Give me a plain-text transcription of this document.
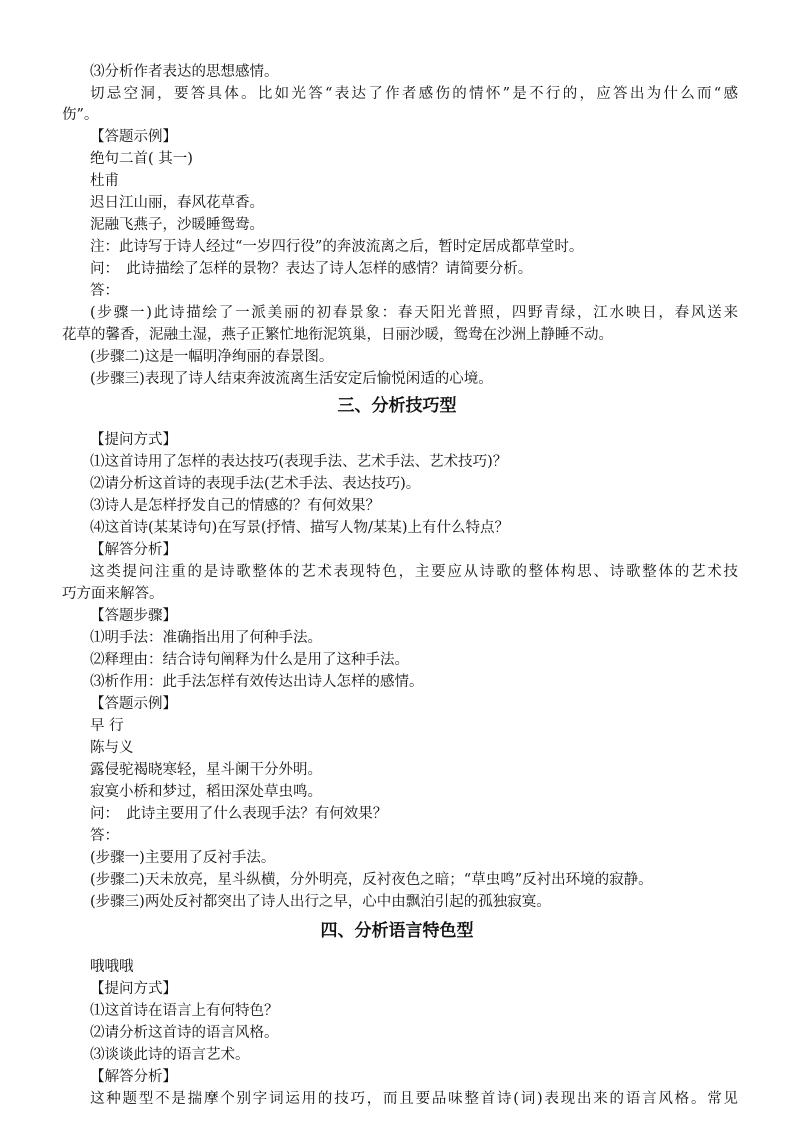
⑶分析作者表达的思想感情。
切忌空洞，要答具体。比如光答“表达了作者感伤的情怀”是不行的，应答出为什么而“感
伤”。
【答题示例】
绝句二首( 其一)
杜甫
迟日江山丽，春风花草香。
泥融飞燕子，沙暖睡鸳鸯。
注：此诗写于诗人经过“一岁四行役”的奔波流离之后，暂时定居成都草堂时。
问：　此诗描绘了怎样的景物？表达了诗人怎样的感情？请简要分析。
答：
(步骤一)此诗描绘了一派美丽的初春景象：春天阳光普照，四野青绿，江水映日，春风送来
花草的馨香，泥融土湿，燕子正繁忙地衔泥筑巢，日丽沙暖，鸳鸯在沙洲上静睡不动。
(步骤二)这是一幅明净绚丽的春景图。
(步骤三)表现了诗人结束奔波流离生活安定后愉悦闲适的心境。
三、分析技巧型
【提问方式】
⑴这首诗用了怎样的表达技巧(表现手法、艺术手法、艺术技巧)？
⑵请分析这首诗的表现手法(艺术手法、表达技巧)。
⑶诗人是怎样抒发自己的情感的？有何效果？
⑷这首诗(某某诗句)在写景(抒情、描写人物/某某)上有什么特点？
【解答分析】
这类提问注重的是诗歌整体的艺术表现特色，主要应从诗歌的整体构思、诗歌整体的艺术技
巧方面来解答。
【答题步骤】
⑴明手法：准确指出用了何种手法。
⑵释理由：结合诗句阐释为什么是用了这种手法。
⑶析作用：此手法怎样有效传达出诗人怎样的感情。
【答题示例】
早 行
陈与义
露侵驼褐晓寒轻，星斗阑干分外明。
寂寞小桥和梦过，稻田深处草虫鸣。
问：　此诗主要用了什么表现手法？有何效果？
答：
(步骤一)主要用了反衬手法。
(步骤二)天未放亮，星斗纵横，分外明亮，反衬夜色之暗；“草虫鸣”反衬出环境的寂静。
(步骤三)两处反衬都突出了诗人出行之早，心中由飘泊引起的孤独寂寞。
四、分析语言特色型
哦哦哦
【提问方式】
⑴这首诗在语言上有何特色？
⑵请分析这首诗的语言风格。
⑶谈谈此诗的语言艺术。
【解答分析】
这种题型不是揣摩个别字词运用的技巧，而且要品味整首诗(词)表现出来的语言风格。常见
